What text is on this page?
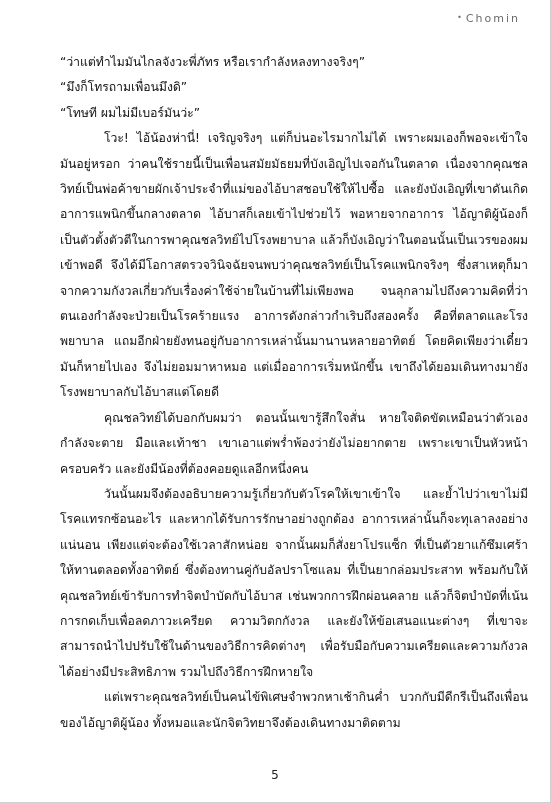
• Chomin

“ว่าแต่ทำไมมันไกลจังวะพี่ภัทร หรือเรากำลังหลงทางจริงๆ”

“มึงก็โทรถามเพื่อนมึงดิ”

“โทษที ผมไม่มีเบอร์มันว่ะ”

โวะ! ไอ้น้องห่านี่! เจริญจริงๆ แต่ก็บ่นอะไรมากไม่ได้ เพราะผมเองก็พอจะเข้าใจมันอยู่หรอก ว่าคนใช้รายนี้เป็นเพื่อนสมัยมัธยมที่บังเอิญไปเจอกันในตลาด เนื่องจากคุณชลวิทย์เป็นพ่อค้าขายผักเจ้าประจำที่แม่ของไอ้บาสชอบใช้ให้ไปซื้อ และยังบังเอิญที่เขาดันเกิดอาการแพนิกขึ้นกลางตลาด ไอ้บาสก็เลยเข้าไปช่วยไว้ พอหายจากอาการ ไอ้ญาติผู้น้องก็เป็นตัวตั้งตัวตีในการพาคุณชลวิทย์ไปโรงพยาบาล แล้วก็บังเอิญว่าในตอนนั้นเป็นเวรของผมเข้าพอดี จึงได้มีโอกาสตรวจวินิจฉัยจนพบว่าคุณชลวิทย์เป็นโรคแพนิกจริงๆ ซึ่งสาเหตุก็มาจากความกังวลเกี่ยวกับเรื่องค่าใช้จ่ายในบ้านที่ไม่เพียงพอ จนลุกลามไปถึงความคิดที่ว่าตนเองกำลังจะป่วยเป็นโรคร้ายแรง อาการดังกล่าวกำเริบถึงสองครั้ง คือที่ตลาดและโรงพยาบาล แถมอีกฝ่ายยังทนอยู่กับอาการเหล่านั้นมานานหลายอาทิตย์ โดยคิดเพียงว่าเดี๋ยวมันก็หายไปเอง จึงไม่ยอมมาหาหมอ แต่เมื่ออาการเริ่มหนักขึ้น เขาถึงได้ยอมเดินทางมายังโรงพยาบาลกับไอ้บาสแต่โดยดี

คุณชลวิทย์ได้บอกกับผมว่า ตอนนั้นเขารู้สึกใจสั่น หายใจติดขัดเหมือนว่าตัวเองกำลังจะตาย มือและเท้าชา เขาเอาแต่พร่ำพ้องว่ายังไม่อยากตาย เพราะเขาเป็นหัวหน้าครอบครัว และยังมีน้องที่ต้องคอยดูแลอีกหนึ่งคน

วันนั้นผมจึงต้องอธิบายความรู้เกี่ยวกับตัวโรคให้เขาเข้าใจ และย้ำไปว่าเขาไม่มีโรคแทรกซ้อนอะไร และหากได้รับการรักษาอย่างถูกต้อง อาการเหล่านั้นก็จะทุเลาลงอย่างแน่นอน เพียงแต่จะต้องใช้เวลาสักหน่อย จากนั้นผมก็สั่งยาโปรแซ็ก ที่เป็นตัวยาแก้ซึมเศร้าให้ทานตลอดทั้งอาทิตย์ ซึ่งต้องทานคู่กับอัลปราโซแลม ที่เป็นยากล่อมประสาท พร้อมกับให้คุณชลวิทย์เข้ารับการทำจิตบำบัดกับไอ้บาส เช่นพวกการฝึกผ่อนคลาย แล้วก็จิตบำบัดที่เน้นการกดเก็บเพื่อลดภาวะเครียด ความวิตกกังวล และยังให้ข้อเสนอแนะต่างๆ ที่เขาจะสามารถนำไปปรับใช้ในด้านของวิธีการคิดต่างๆ เพื่อรับมือกับความเครียดและความกังวลได้อย่างมีประสิทธิภาพ รวมไปถึงวิธีการฝึกหายใจ

แต่เพราะคุณชลวิทย์เป็นคนไข้พิเศษจำพวกหาเช้ากินค่ำ บวกกับมีดีกรีเป็นถึงเพื่อนของไอ้ญาติผู้น้อง ทั้งหมอและนักจิตวิทยาจึงต้องเดินทางมาติดตาม

5
